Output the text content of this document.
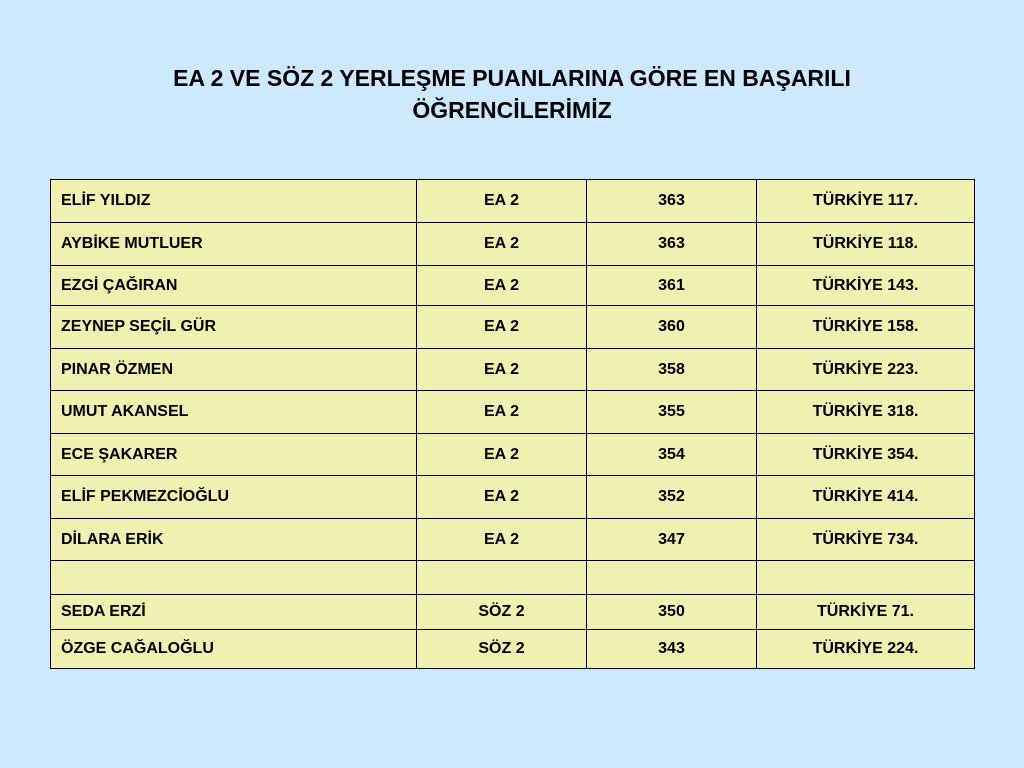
EA 2 VE SÖZ 2 YERLEŞME PUANLARINA GÖRE EN BAŞARILI
ÖĞRENCİLERİMİZ
ELİF YILDIZ	EA 2	363	TÜRKİYE 117.
AYBİKE MUTLUER	EA 2	363	TÜRKİYE 118.
EZGİ ÇAĞIRAN	EA 2	361	TÜRKİYE 143.
ZEYNEP SEÇİL GÜR	EA 2	360	TÜRKİYE 158.
PINAR ÖZMEN	EA 2	358	TÜRKİYE 223.
UMUT AKANSEL	EA 2	355	TÜRKİYE 318.
ECE ŞAKARER	EA 2	354	TÜRKİYE 354.
ELİF PEKMEZCİOĞLU	EA 2	352	TÜRKİYE 414.
DİLARA ERİK	EA 2	347	TÜRKİYE 734.

SEDA ERZİ	SÖZ 2	350	TÜRKİYE 71.
ÖZGE CAĞALOĞLU	SÖZ 2	343	TÜRKİYE 224.
